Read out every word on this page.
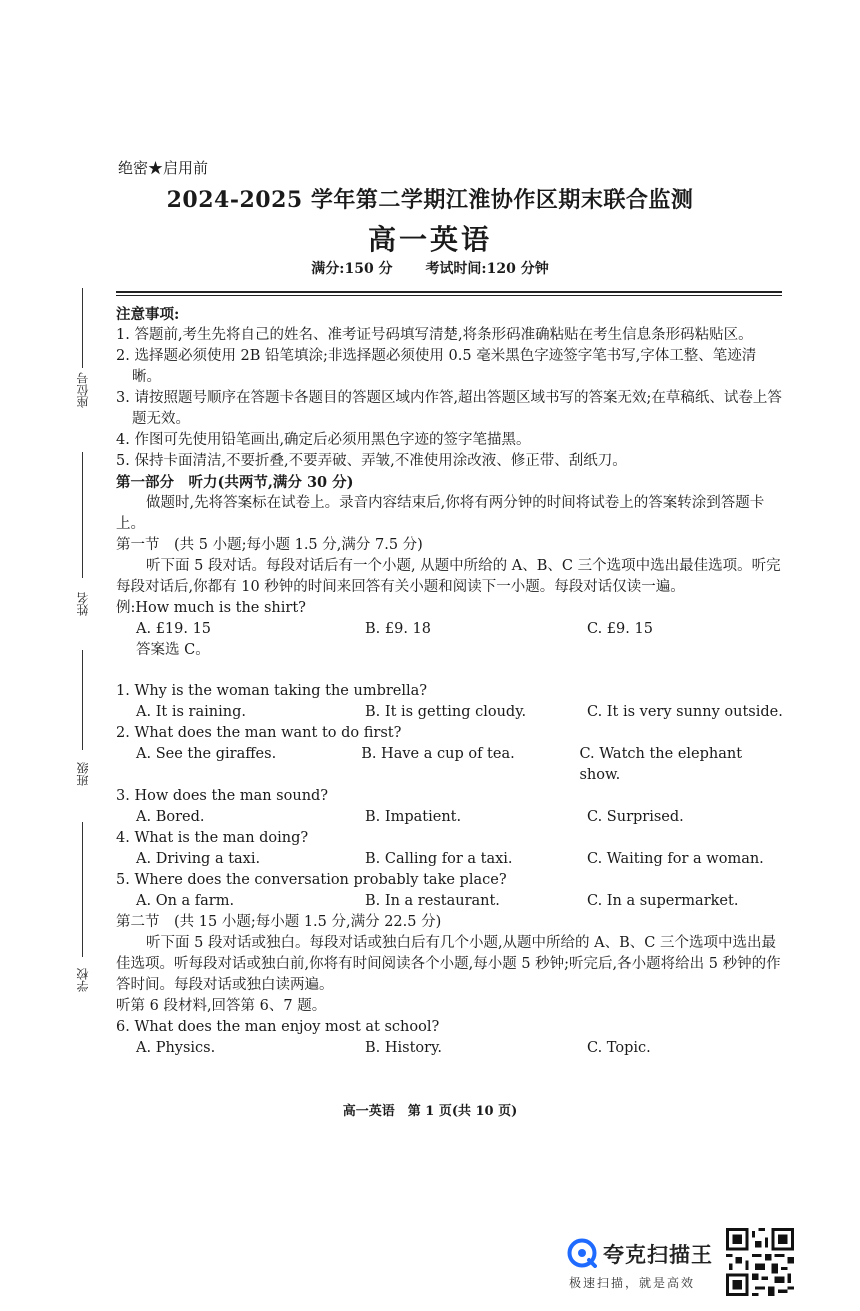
绝密★启用前
2024-2025 学年第二学期江淮协作区期末联合监测
高一英语
满分:150 分 考试时间:120 分钟
座位号
姓名
班级
学校

注意事项:

1. 答题前,考生先将自己的姓名、准考证号码填写清楚,将条形码准确粘贴在考生信息条形码粘贴区。

2. 选择题必须使用 2B 铅笔填涂;非选择题必须使用 0.5 毫米黑色字迹签字笔书写,字体工整、笔迹清晰。

3. 请按照题号顺序在答题卡各题目的答题区域内作答,超出答题区域书写的答案无效;在草稿纸、试卷上答题无效。

4. 作图可先使用铅笔画出,确定后必须用黑色字迹的签字笔描黑。

5. 保持卡面清洁,不要折叠,不要弄破、弄皱,不准使用涂改液、修正带、刮纸刀。

第一部分　听力(共两节,满分 30 分)

做题时,先将答案标在试卷上。录音内容结束后,你将有两分钟的时间将试卷上的答案转涂到答题卡上。

第一节　(共 5 小题;每小题 1.5 分,满分 7.5 分)

听下面 5 段对话。每段对话后有一个小题, 从题中所给的 A、B、C 三个选项中选出最佳选项。听完每段对话后,你都有 10 秒钟的时间来回答有关小题和阅读下一小题。每段对话仅读一遍。

例:How much is the shirt?

A. £19. 15	B. £9. 18	C. £9. 15

答案选 C。

1. Why is the woman taking the umbrella?

A. It is raining.	B. It is getting cloudy.	C. It is very sunny outside.

2. What does the man want to do first?

A. See the giraffes.	B. Have a cup of tea.	C. Watch the elephant show.

3. How does the man sound?

A. Bored.	B. Impatient.	C. Surprised.

4. What is the man doing?

A. Driving a taxi.	B. Calling for a taxi.	C. Waiting for a woman.

5. Where does the conversation probably take place?

A. On a farm.	B. In a restaurant.	C. In a supermarket.

第二节　(共 15 小题;每小题 1.5 分,满分 22.5 分)

听下面 5 段对话或独白。每段对话或独白后有几个小题,从题中所给的 A、B、C 三个选项中选出最佳选项。听每段对话或独白前,你将有时间阅读各个小题,每小题 5 秒钟;听完后,各小题将给出 5 秒钟的作答时间。每段对话或独白读两遍。

听第 6 段材料,回答第 6、7 题。

6. What does the man enjoy most at school?

A. Physics.	B. History.	C. Topic.
高一英语　第 1 页(共 10 页)
夸克扫描王
极速扫描，就是高效
